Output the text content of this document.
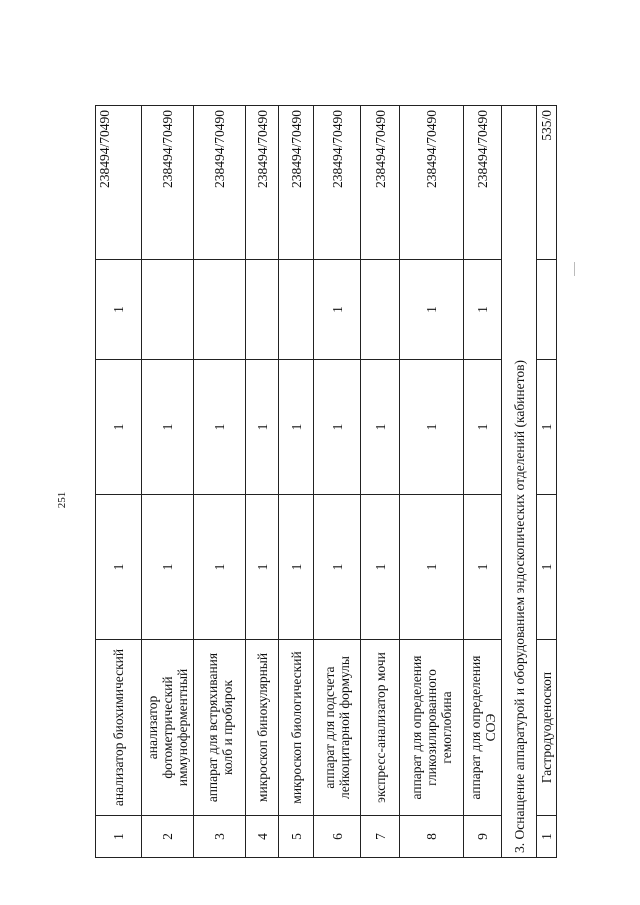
251
1	анализатор биохимический	1	1	1	238494/70490
2	анализатор фотометрический иммуноферментный	1	1		238494/70490
3	аппарат для встряхивания колб и пробирок	1	1		238494/70490
4	микроскоп бинокулярный	1	1		238494/70490
5	микроскоп биологический	1	1		238494/70490
6	аппарат для подсчета лейкоцитарной формулы	1	1	1	238494/70490
7	экспресс-анализатор мочи	1	1		238494/70490
8	аппарат для определения гликозилированного гемоглобина	1	1	1	238494/70490
9	аппарат для определения СОЭ	1	1	1	238494/70490
3. Оснащение аппаратурой и оборудованием эндоскопических отделений (кабинетов)					
1	Гастродуоденоскоп	1	1		535/0
